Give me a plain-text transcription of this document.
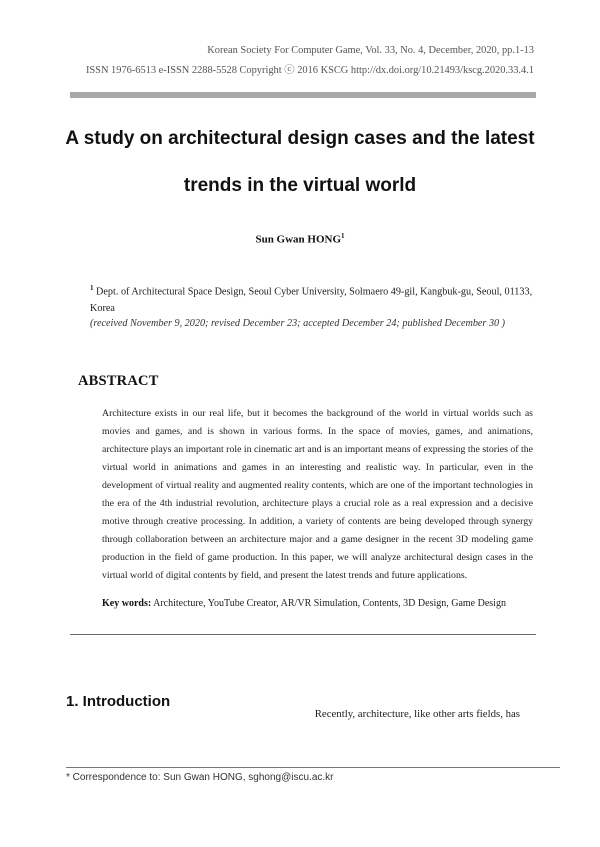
Korean Society For Computer Game, Vol. 33, No. 4, December, 2020, pp.1-13
ISSN 1976-6513 e-ISSN 2288-5528 Copyright ⓒ 2016 KSCG http://dx.doi.org/10.21493/kscg.2020.33.4.1
A study on architectural design cases and the latest
trends in the virtual world
Sun Gwan HONG$^1$
$^1$ Dept. of Architectural Space Design, Seoul Cyber University, Solmaero 49-gil, Kangbuk-gu, Seoul, 01133, Korea
(received November 9, 2020; revised December 23; accepted December 24; published December 30 )
ABSTRACT
Architecture exists in our real life, but it becomes the background of the world in virtual worlds such as movies and games, and is shown in various forms. In the space of movies, games, and animations, architecture plays an important role in cinematic art and is an important means of expressing the stories of the virtual world in animations and games in an interesting and realistic way. In particular, even in the development of virtual reality and augmented reality contents, which are one of the important technologies in the era of the 4th industrial revolution, architecture plays a crucial role as a real expression and a decisive motive through creative processing. In addition, a variety of contents are being developed through synergy through collaboration between an architecture major and a game designer in the recent 3D modeling game production in the field of game production. In this paper, we will analyze architectural design cases in the virtual world of digital contents by field, and present the latest trends and future applications.
Key words: Architecture, YouTube Creator, AR/VR Simulation, Contents, 3D Design, Game Design
1. Introduction
Recently, architecture, like other arts fields, has
* Correspondence to: Sun Gwan HONG, sghong@iscu.ac.kr
